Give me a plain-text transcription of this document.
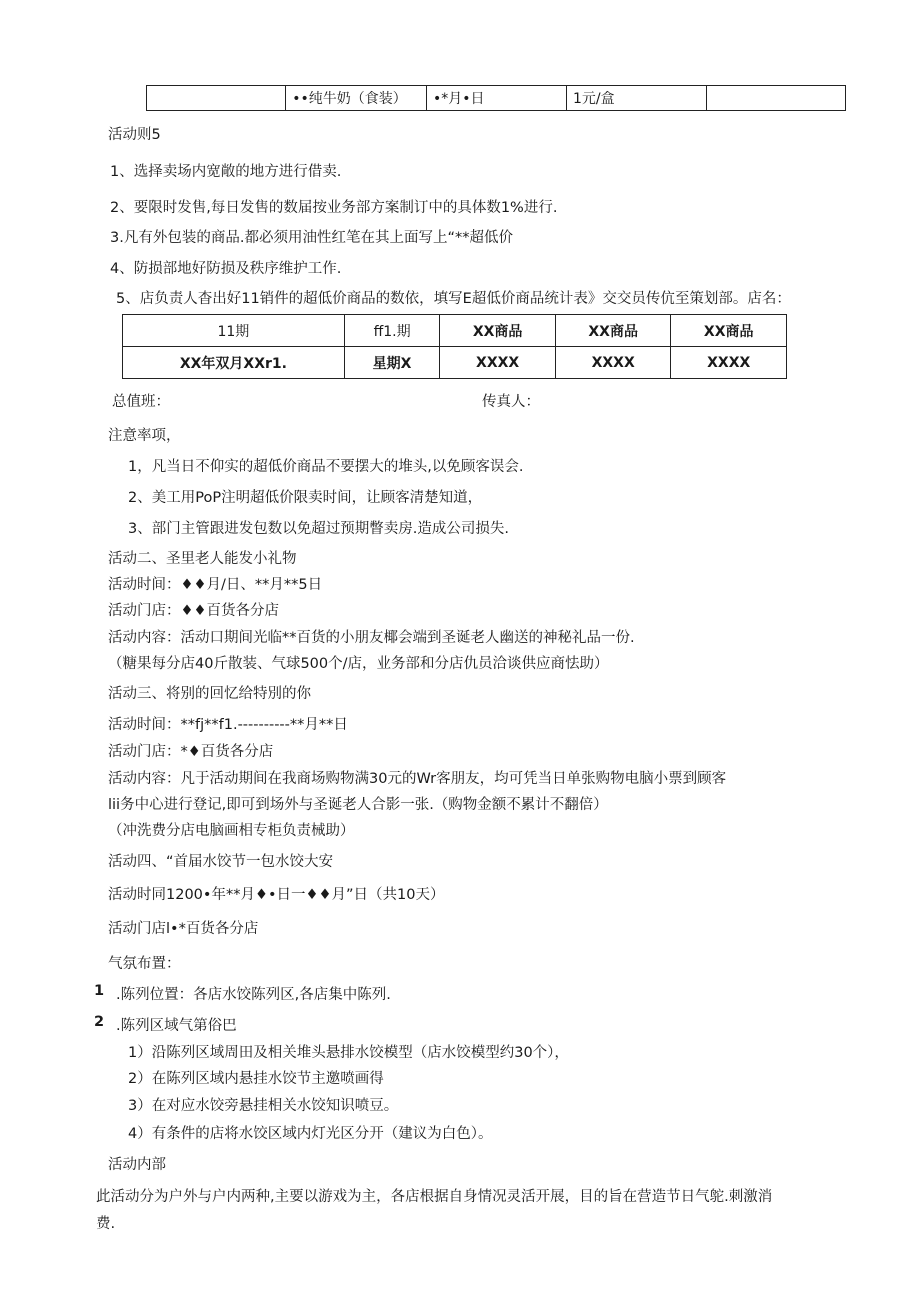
	••纯牛奶（食装）	•*月•日	1元/盒	
活动则5
1、选择卖场内宽敞的地方进行借卖.
2、要限时发售,每日发售的数届按业务部方案制订中的具体数1%进行.
3.凡有外包装的商品.都必须用油性红笔在其上面写上“**超低价
4、防损部地好防损及秩序维护工作.
5、店负责人杳出好11销件的超低价商品的数依，填写E超低价商品统计表》交交员传伉至策划部。店名：
11期	ff1.期	XX商品	XX商品	XX商品
XX年双月XXr1.	星期X	XXXX	XXXX	XXXX
总值班：	传真人：
注意率项，
1，凡当日不仰实的超低价商品不要摆大的堆头,以免顾客误会.
2、美工用PoP注明超低价限卖时间，让顾客清楚知道，
3、部门主管跟进发包数以免超过预期瞥卖房.造成公司损失.
活动二、圣里老人能发小礼物
活动时间：♦♦月/日、**月**5日
活动门店：♦♦百货各分店
活动内容：活动口期间光临**百货的小朋友椰会端到圣诞老人幽送的神秘礼品一份.
（糖果每分店40斤散装、气球500个/店，业务部和分店仇员洽谈供应商怯助）
活动三、将别的回忆给特別的你
活动时间：**fj**f1.----------**月**日
活动门店：*♦百货各分店
活动内容：凡于活动期间在我商场购物满30元的Wr客朋友，均可凭当日单张购物电脑小票到顾客
lii务中心进行登记,即可到场外与圣诞老人合影一张.（购物金额不累计不翻倍）
（冲洗费分店电脑画相专柜负责械助）
活动四、“首届水饺节一包水饺大安
活动时同1200•年**月♦•日一♦♦月”日（共10天）
活动门店l•*百货各分店
气氛布置：
1 .陈列位置：各店水饺陈列区,各店集中陈列.
2 .陈列区域气第俗巴
1）沿陈列区域周田及相关堆头悬排水饺模型（店水饺模型约30个），
2）在陈列区域内悬挂水饺节主邀喷画得
3）在对应水饺旁悬挂相关水饺知识喷豆。
4）有条件的店将水饺区域内灯光区分开（建议为白色）。
活动内部
此活动分为户外与户内两种,主要以游戏为主，各店根据自身情况灵活开展，目的旨在营造节日气鸵.刺激消
费.
